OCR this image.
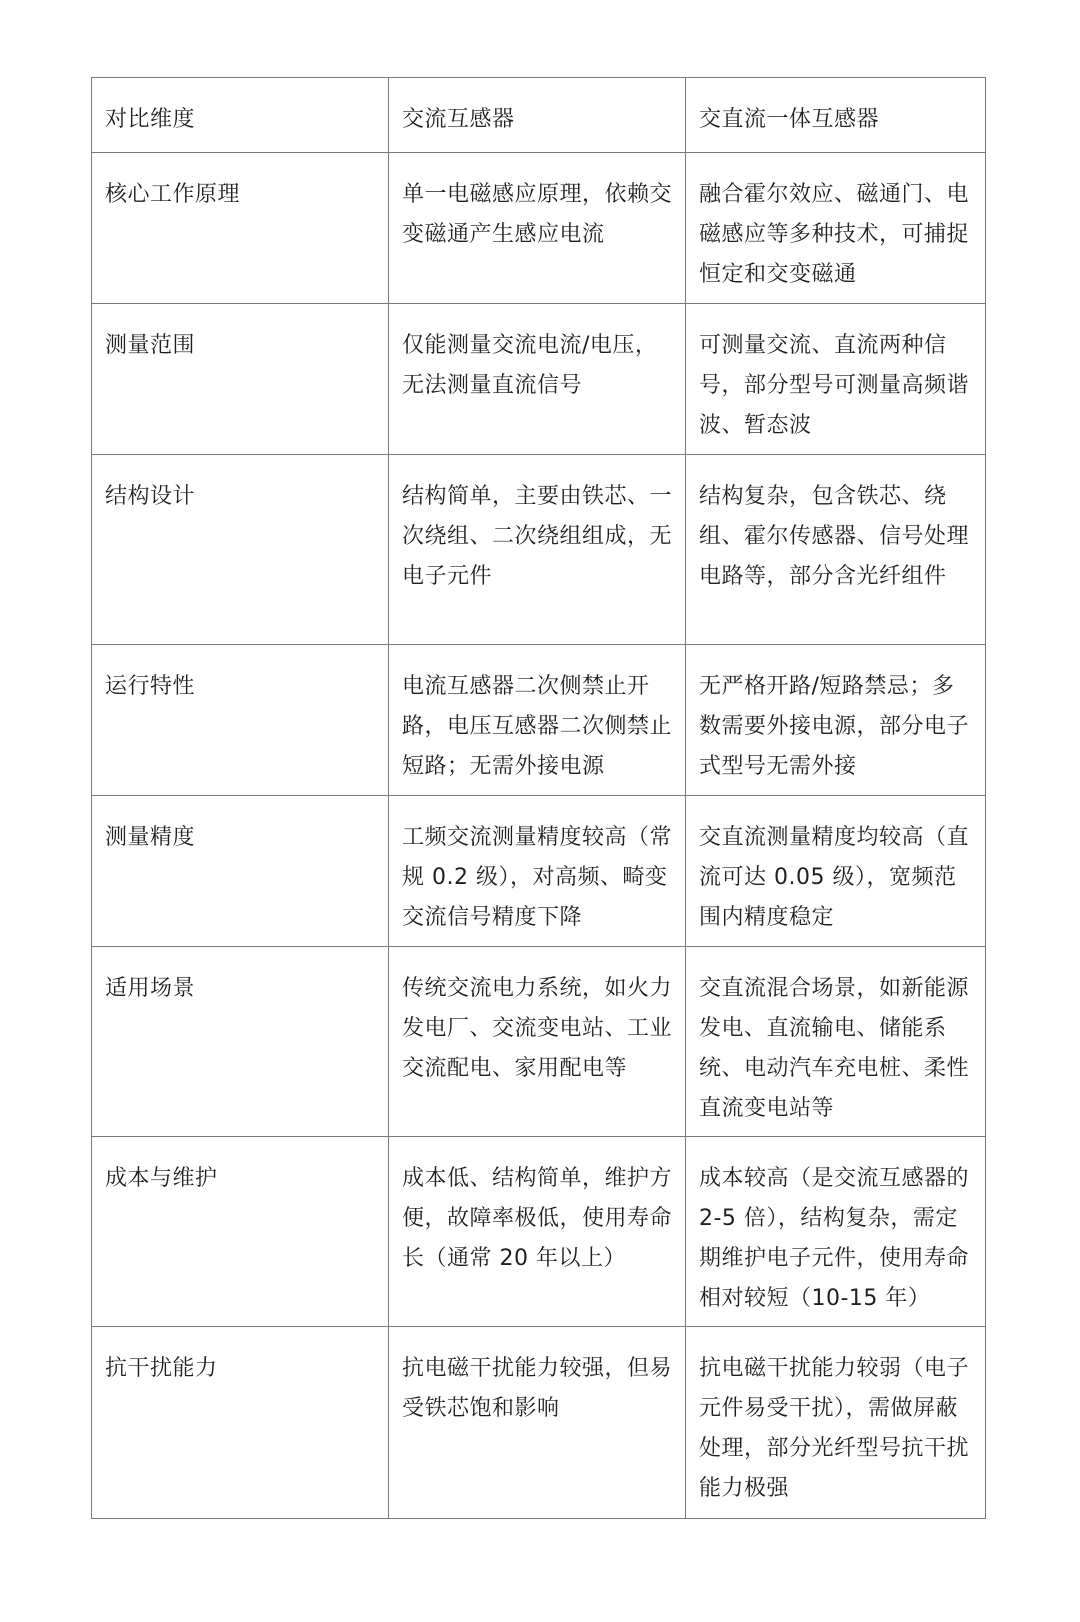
对比维度	交流互感器	交直流一体互感器
核心工作原理	单一电磁感应原理，依赖交变磁通产生感应电流	融合霍尔效应、磁通门、电磁感应等多种技术，可捕捉恒定和交变磁通
测量范围	仅能测量交流电流/电压，无法测量直流信号	可测量交流、直流两种信号，部分型号可测量高频谐波、暂态波
结构设计	结构简单，主要由铁芯、一次绕组、二次绕组组成，无电子元件	结构复杂，包含铁芯、绕组、霍尔传感器、信号处理电路等，部分含光纤组件
运行特性	电流互感器二次侧禁止开路，电压互感器二次侧禁止短路；无需外接电源	无严格开路/短路禁忌；多数需要外接电源，部分电子式型号无需外接
测量精度	工频交流测量精度较高（常规 0.2 级），对高频、畸变交流信号精度下降	交直流测量精度均较高（直流可达 0.05 级），宽频范围内精度稳定
适用场景	传统交流电力系统，如火力发电厂、交流变电站、工业交流配电、家用配电等	交直流混合场景，如新能源发电、直流输电、储能系统、电动汽车充电桩、柔性直流变电站等
成本与维护	成本低、结构简单，维护方便，故障率极低，使用寿命长（通常 20 年以上）	成本较高（是交流互感器的 2-5 倍），结构复杂，需定期维护电子元件，使用寿命相对较短（10-15 年）
抗干扰能力	抗电磁干扰能力较强，但易受铁芯饱和影响	抗电磁干扰能力较弱（电子元件易受干扰），需做屏蔽处理，部分光纤型号抗干扰能力极强
